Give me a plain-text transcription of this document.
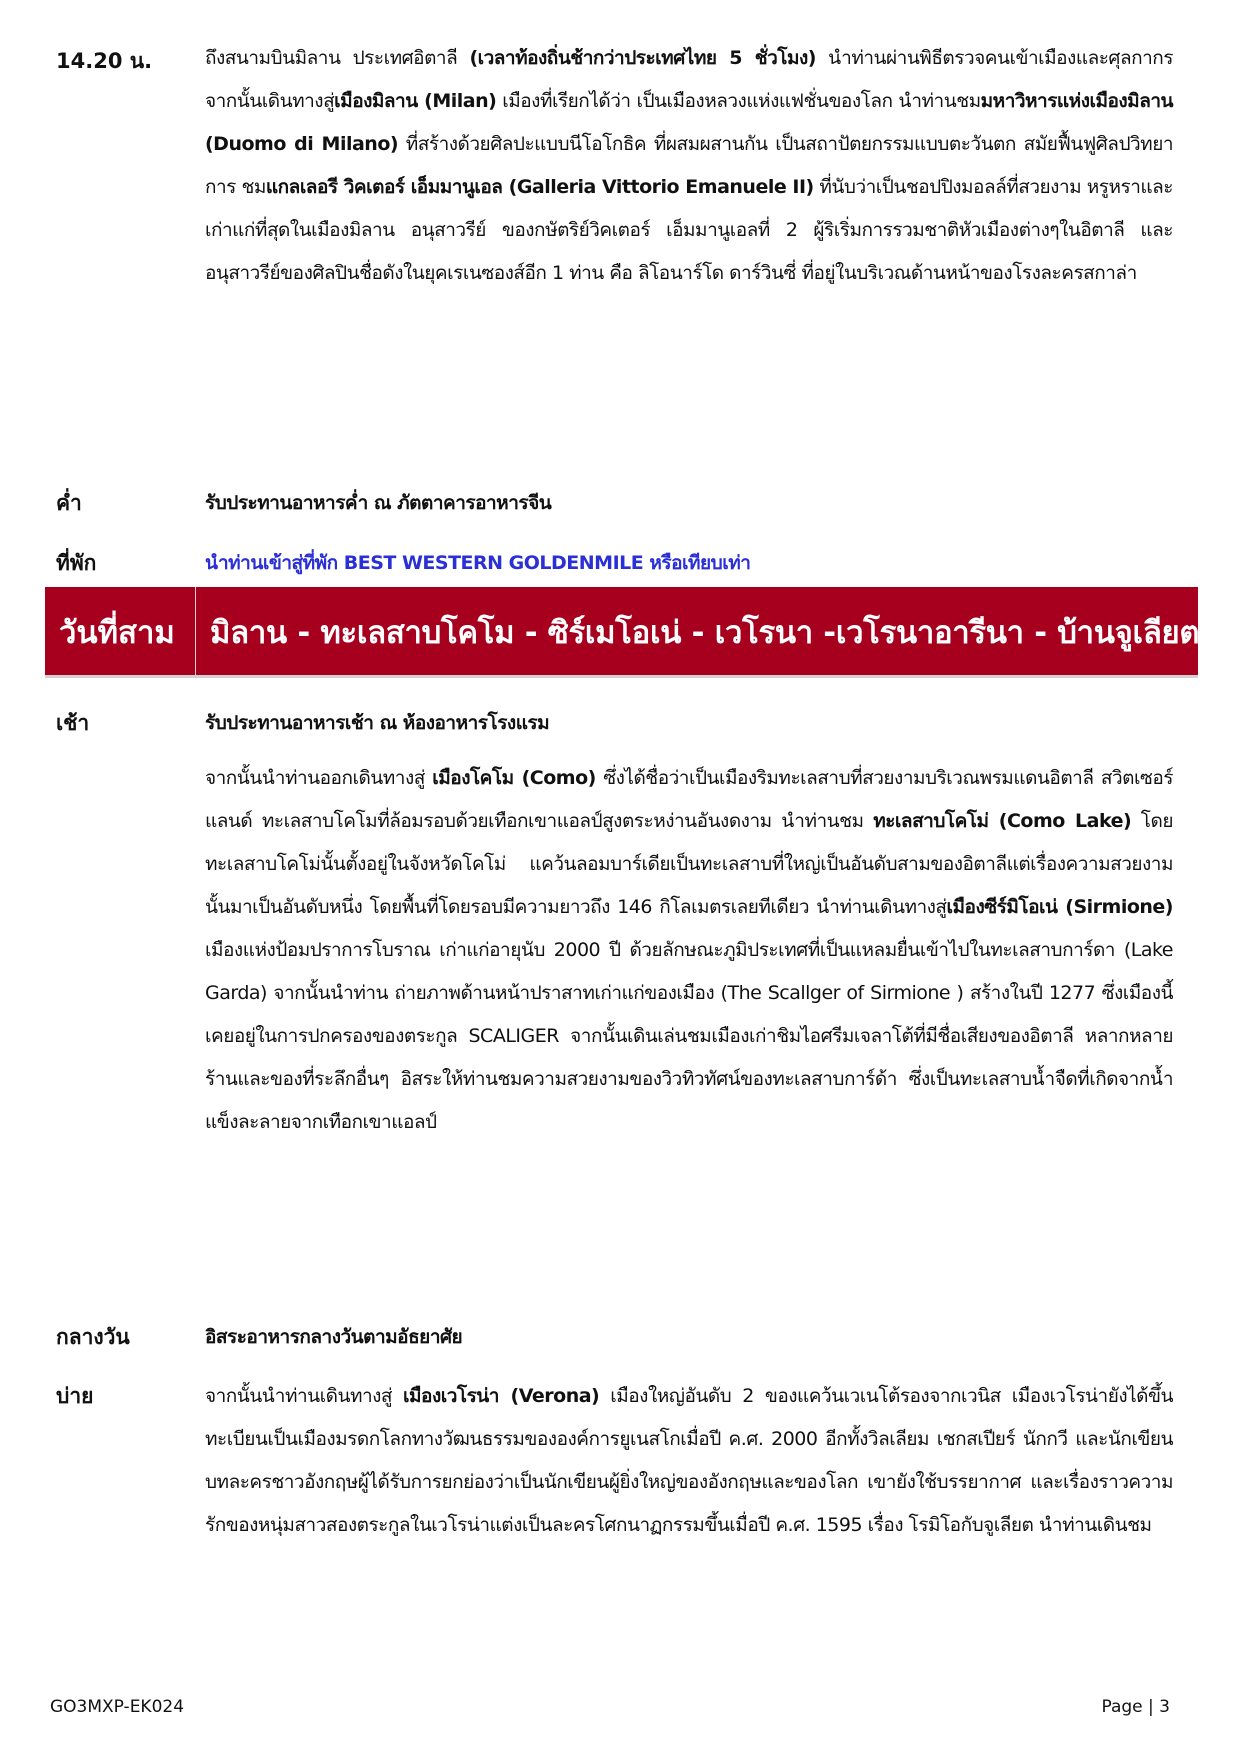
14.20 น.	ถึงสนามบินมิลาน ประเทศอิตาลี (เวลาท้องถิ่นช้ากว่าประเทศไทย 5 ชั่วโมง) นำท่านผ่านพิธีตรวจคนเข้าเมืองและศุลกากร จากนั้นเดินทางสู่เมืองมิลาน (Milan) เมืองที่เรียกได้ว่า เป็นเมืองหลวงแห่งแฟชั่นของโลก นำท่านชมมหาวิหารแห่งเมืองมิลาน (Duomo di Milano) ที่สร้างด้วยศิลปะแบบนีโอโกธิค ที่ผสมผสานกัน เป็นสถาปัตยกรรมแบบตะวันตก สมัยฟื้นฟูศิลปวิทยาการ ชมแกลเลอรี วิคเตอร์ เอ็มมานูเอล (Galleria Vittorio Emanuele II) ที่นับว่าเป็นชอปปิงมอลล์ที่สวยงาม หรูหราและเก่าแก่ที่สุดในเมืองมิลาน อนุสาวรีย์ ของกษัตริย์วิคเตอร์ เอ็มมานูเอลที่ 2 ผู้ริเริ่มการรวมชาติหัวเมืองต่างๆในอิตาลี และอนุสาวรีย์ของศิลปินชื่อดังในยุคเรเนซองส์อีก 1 ท่าน คือ ลิโอนาร์โด ดาร์วินซี่ ที่อยู่ในบริเวณด้านหน้าของโรงละครสกาล่า
ค่ำ	รับประทานอาหารค่ำ ณ ภัตตาคารอาหารจีน
ที่พัก	นำท่านเข้าสู่ที่พัก BEST WESTERN GOLDENMILE หรือเทียบเท่า
วันที่สาม มิลาน - ทะเลสาบโคโม - ซิร์เมโอเน่ - เวโรนา -เวโรนาอารีนา - บ้านจูเลียต
เช้า	รับประทานอาหารเช้า ณ ห้องอาหารโรงแรม
จากนั้นนำท่านออกเดินทางสู่ เมืองโคโม (Como) ซึ่งได้ชื่อว่าเป็นเมืองริมทะเลสาบที่สวยงามบริเวณพรมแดนอิตาลี สวิตเซอร์แลนด์ ทะเลสาบโคโมที่ล้อมรอบด้วยเทือกเขาแอลป์สูงตระหง่านอันงดงาม นำท่านชม ทะเลสาบโคโม่ (Como Lake) โดยทะเลสาบโคโม่นั้นตั้งอยู่ในจังหวัดโคโม่ แคว้นลอมบาร์เดียเป็นทะเลสาบที่ใหญ่เป็นอันดับสามของอิตาลีแต่เรื่องความสวยงามนั้นมาเป็นอันดับหนึ่ง โดยพื้นที่โดยรอบมีความยาวถึง 146 กิโลเมตรเลยทีเดียว นำท่านเดินทางสู่เมืองซีร์มิโอเน่ (Sirmione) เมืองแห่งป้อมปราการโบราณ เก่าแก่อายุนับ 2000 ปี ด้วยลักษณะภูมิประเทศที่เป็นแหลมยื่นเข้าไปในทะเลสาบการ์ดา (Lake Garda) จากนั้นนำท่าน ถ่ายภาพด้านหน้าปราสาทเก่าแก่ของเมือง (The Scallger of Sirmione ) สร้างในปี 1277 ซึ่งเมืองนี้เคยอยู่ในการปกครองของตระกูล SCALIGER จากนั้นเดินเล่นชมเมืองเก่าชิมไอศรีมเจลาโต้ที่มีชื่อเสียงของอิตาลี หลากหลายร้านและของที่ระลึกอื่นๆ อิสระให้ท่านชมความสวยงามของวิวทิวทัศน์ของทะเลสาบการ์ด้า ซึ่งเป็นทะเลสาบน้ำจืดที่เกิดจากน้ำแข็งละลายจากเทือกเขาแอลป์
กลางวัน	อิสระอาหารกลางวันตามอัธยาศัย
บ่าย	จากนั้นนำท่านเดินทางสู่ เมืองเวโรน่า (Verona) เมืองใหญ่อันดับ 2 ของแคว้นเวเนโต้รองจากเวนิส เมืองเวโรน่ายังได้ขึ้นทะเบียนเป็นเมืองมรดกโลกทางวัฒนธรรมขององค์การยูเนสโกเมื่อปี ค.ศ. 2000 อีกทั้งวิลเลียม เชกสเปียร์ นักกวี และนักเขียนบทละครชาวอังกฤษผู้ได้รับการยกย่องว่าเป็นนักเขียนผู้ยิ่งใหญ่ของอังกฤษและของโลก เขายังใช้บรรยากาศ และเรื่องราวความรักของหนุ่มสาวสองตระกูลในเวโรน่าแต่งเป็นละครโศกนาฏกรรมขึ้นเมื่อปี ค.ศ. 1595 เรื่อง โรมิโอกับจูเลียต นำท่านเดินชม
GO3MXP-EK024	Page | 3
